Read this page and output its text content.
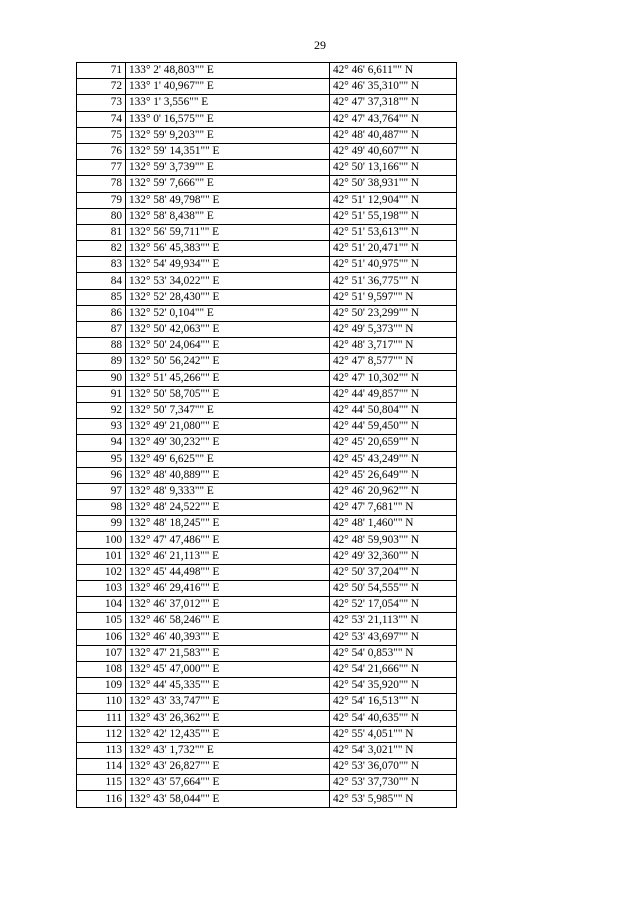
29
71	133° 2' 48,803"" E	42° 46' 6,611"" N
72	133° 1' 40,967"" E	42° 46' 35,310"" N
73	133° 1' 3,556"" E	42° 47' 37,318"" N
74	133° 0' 16,575"" E	42° 47' 43,764"" N
75	132° 59' 9,203"" E	42° 48' 40,487"" N
76	132° 59' 14,351"" E	42° 49' 40,607"" N
77	132° 59' 3,739"" E	42° 50' 13,166"" N
78	132° 59' 7,666"" E	42° 50' 38,931"" N
79	132° 58' 49,798"" E	42° 51' 12,904"" N
80	132° 58' 8,438"" E	42° 51' 55,198"" N
81	132° 56' 59,711"" E	42° 51' 53,613"" N
82	132° 56' 45,383"" E	42° 51' 20,471"" N
83	132° 54' 49,934"" E	42° 51' 40,975"" N
84	132° 53' 34,022"" E	42° 51' 36,775"" N
85	132° 52' 28,430"" E	42° 51' 9,597"" N
86	132° 52' 0,104"" E	42° 50' 23,299"" N
87	132° 50' 42,063"" E	42° 49' 5,373"" N
88	132° 50' 24,064"" E	42° 48' 3,717"" N
89	132° 50' 56,242"" E	42° 47' 8,577"" N
90	132° 51' 45,266"" E	42° 47' 10,302"" N
91	132° 50' 58,705"" E	42° 44' 49,857"" N
92	132° 50' 7,347"" E	42° 44' 50,804"" N
93	132° 49' 21,080"" E	42° 44' 59,450"" N
94	132° 49' 30,232"" E	42° 45' 20,659"" N
95	132° 49' 6,625"" E	42° 45' 43,249"" N
96	132° 48' 40,889"" E	42° 45' 26,649"" N
97	132° 48' 9,333"" E	42° 46' 20,962"" N
98	132° 48' 24,522"" E	42° 47' 7,681"" N
99	132° 48' 18,245"" E	42° 48' 1,460"" N
100	132° 47' 47,486"" E	42° 48' 59,903"" N
101	132° 46' 21,113"" E	42° 49' 32,360"" N
102	132° 45' 44,498"" E	42° 50' 37,204"" N
103	132° 46' 29,416"" E	42° 50' 54,555"" N
104	132° 46' 37,012"" E	42° 52' 17,054"" N
105	132° 46' 58,246"" E	42° 53' 21,113"" N
106	132° 46' 40,393"" E	42° 53' 43,697"" N
107	132° 47' 21,583"" E	42° 54' 0,853"" N
108	132° 45' 47,000"" E	42° 54' 21,666"" N
109	132° 44' 45,335"" E	42° 54' 35,920"" N
110	132° 43' 33,747"" E	42° 54' 16,513"" N
111	132° 43' 26,362"" E	42° 54' 40,635"" N
112	132° 42' 12,435"" E	42° 55' 4,051"" N
113	132° 43' 1,732"" E	42° 54' 3,021"" N
114	132° 43' 26,827"" E	42° 53' 36,070"" N
115	132° 43' 57,664"" E	42° 53' 37,730"" N
116	132° 43' 58,044"" E	42° 53' 5,985"" N
